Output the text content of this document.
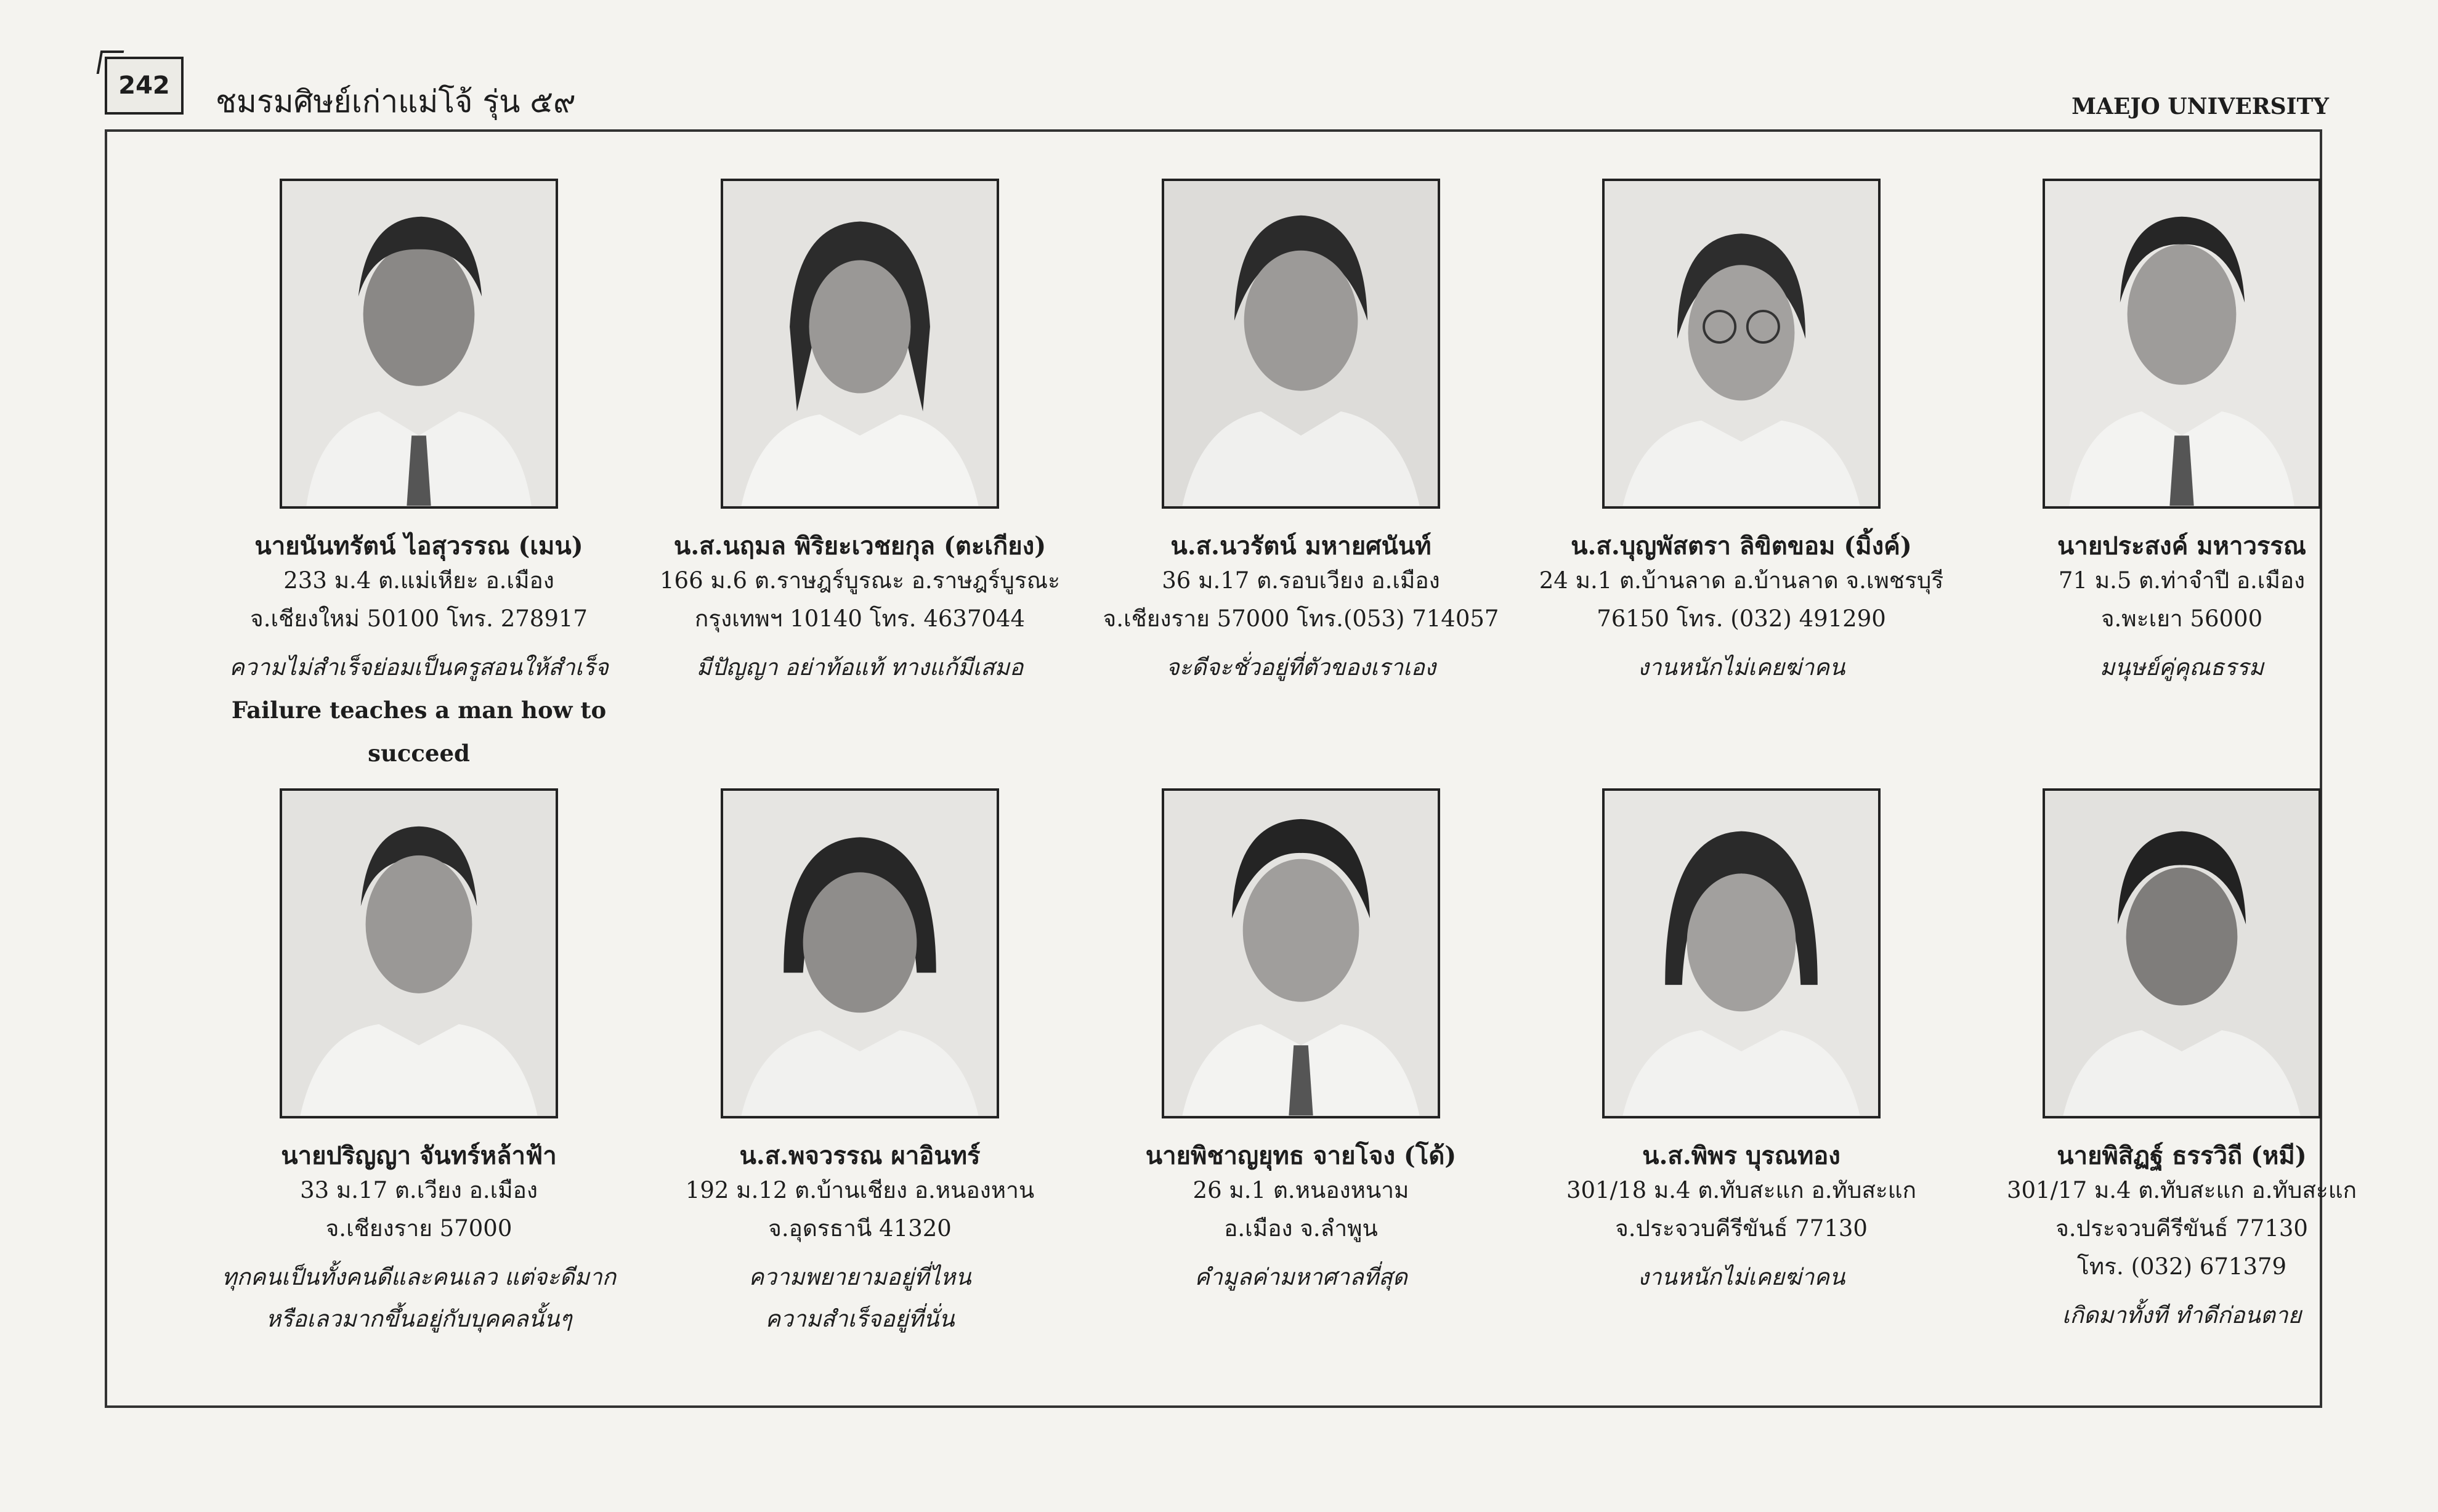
242	ชมรมศิษย์เก่าแม่โจ้ รุ่น ๕๙	MAEJO UNIVERSITY
นายนันทรัตน์ ไอสุวรรณ (เมน)
233 ม.4 ต.แม่เหียะ อ.เมือง
จ.เชียงใหม่ 50100 โทร. 278917
ความไม่สำเร็จย่อมเป็นครูสอนให้สำเร็จ
Failure teaches a man how to
succeed
น.ส.นฤมล พิริยะเวชยกุล (ตะเกียง)
166 ม.6 ต.ราษฎร์บูรณะ อ.ราษฎร์บูรณะ
กรุงเทพฯ 10140 โทร. 4637044
มีปัญญา อย่าท้อแท้ ทางแก้มีเสมอ
น.ส.นวรัตน์ มหายศนันท์
36 ม.17 ต.รอบเวียง อ.เมือง
จ.เชียงราย 57000 โทร.(053) 714057
จะดีจะชั่วอยู่ที่ตัวของเราเอง
น.ส.บุญพัสตรา ลิขิตขอม (มิ้งค์)
24 ม.1 ต.บ้านลาด อ.บ้านลาด จ.เพชรบุรี
76150 โทร. (032) 491290
งานหนักไม่เคยฆ่าคน
นายประสงค์ มหาวรรณ
71 ม.5 ต.ท่าจำปี อ.เมือง
จ.พะเยา 56000
มนุษย์คู่คุณธรรม
นายปริญญา จันทร์หล้าฟ้า
33 ม.17 ต.เวียง อ.เมือง
จ.เชียงราย 57000
ทุกคนเป็นทั้งคนดีและคนเลว แต่จะดีมาก
หรือเลวมากขึ้นอยู่กับบุคคลนั้นๆ
น.ส.พจวรรณ ผาอินทร์
192 ม.12 ต.บ้านเชียง อ.หนองหาน
จ.อุดรธานี 41320
ความพยายามอยู่ที่ไหน
ความสำเร็จอยู่ที่นั่น
นายพิชาญยุทธ จายโจง (โด้)
26 ม.1 ต.หนองหนาม
อ.เมือง จ.ลำพูน
คำมูลค่ามหาศาลที่สุด
น.ส.พิพร บุรณทอง
301/18 ม.4 ต.ทับสะแก อ.ทับสะแก
จ.ประจวบคีรีขันธ์ 77130
งานหนักไม่เคยฆ่าคน
นายพิสิฏฐ์ ธรรวิถี (หมี)
301/17 ม.4 ต.ทับสะแก อ.ทับสะแก
จ.ประจวบคีรีขันธ์ 77130
โทร. (032) 671379
เกิดมาทั้งที ทำดีก่อนตาย
